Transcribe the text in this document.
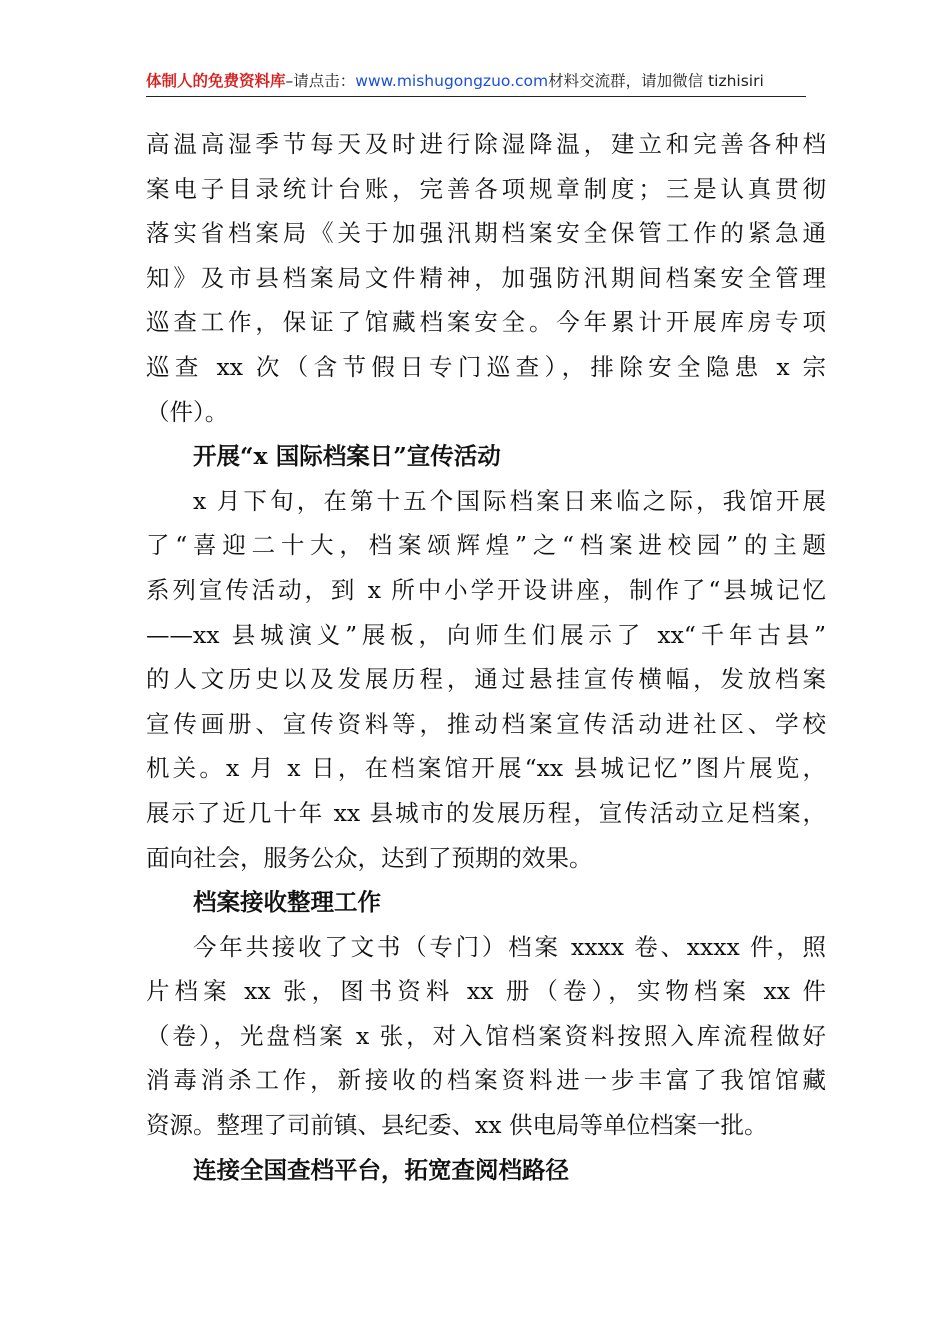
体制人的免费资料库–请点击：www.mishugongzuo.com材料交流群，请加微信 tizhisiri
高温高湿季节每天及时进行除湿降温，建立和完善各种档
案电子目录统计台账，完善各项规章制度；三是认真贯彻
落实省档案局《关于加强汛期档案安全保管工作的紧急通
知》及市县档案局文件精神，加强防汛期间档案安全管理
巡查工作，保证了馆藏档案安全。今年累计开展库房专项
巡查 xx 次（含节假日专门巡查），排除安全隐患 x 宗
（件）。
开展“x 国际档案日”宣传活动
x 月下旬，在第十五个国际档案日来临之际，我馆开展
了“喜迎二十大，档案颂辉煌”之“档案进校园”的主题
系列宣传活动，到 x 所中小学开设讲座，制作了“县城记忆
——xx 县城演义”展板，向师生们展示了 xx“千年古县”
的人文历史以及发展历程，通过悬挂宣传横幅，发放档案
宣传画册、宣传资料等，推动档案宣传活动进社区、学校
机关。x 月 x 日，在档案馆开展“xx 县城记忆”图片展览，
展示了近几十年 xx 县城市的发展历程，宣传活动立足档案，
面向社会，服务公众，达到了预期的效果。
档案接收整理工作
今年共接收了文书（专门）档案 xxxx 卷、xxxx 件，照
片档案 xx 张，图书资料 xx 册（卷），实物档案 xx 件
（卷），光盘档案 x 张，对入馆档案资料按照入库流程做好
消毒消杀工作，新接收的档案资料进一步丰富了我馆馆藏
资源。整理了司前镇、县纪委、xx 供电局等单位档案一批。
连接全国查档平台，拓宽查阅档路径
